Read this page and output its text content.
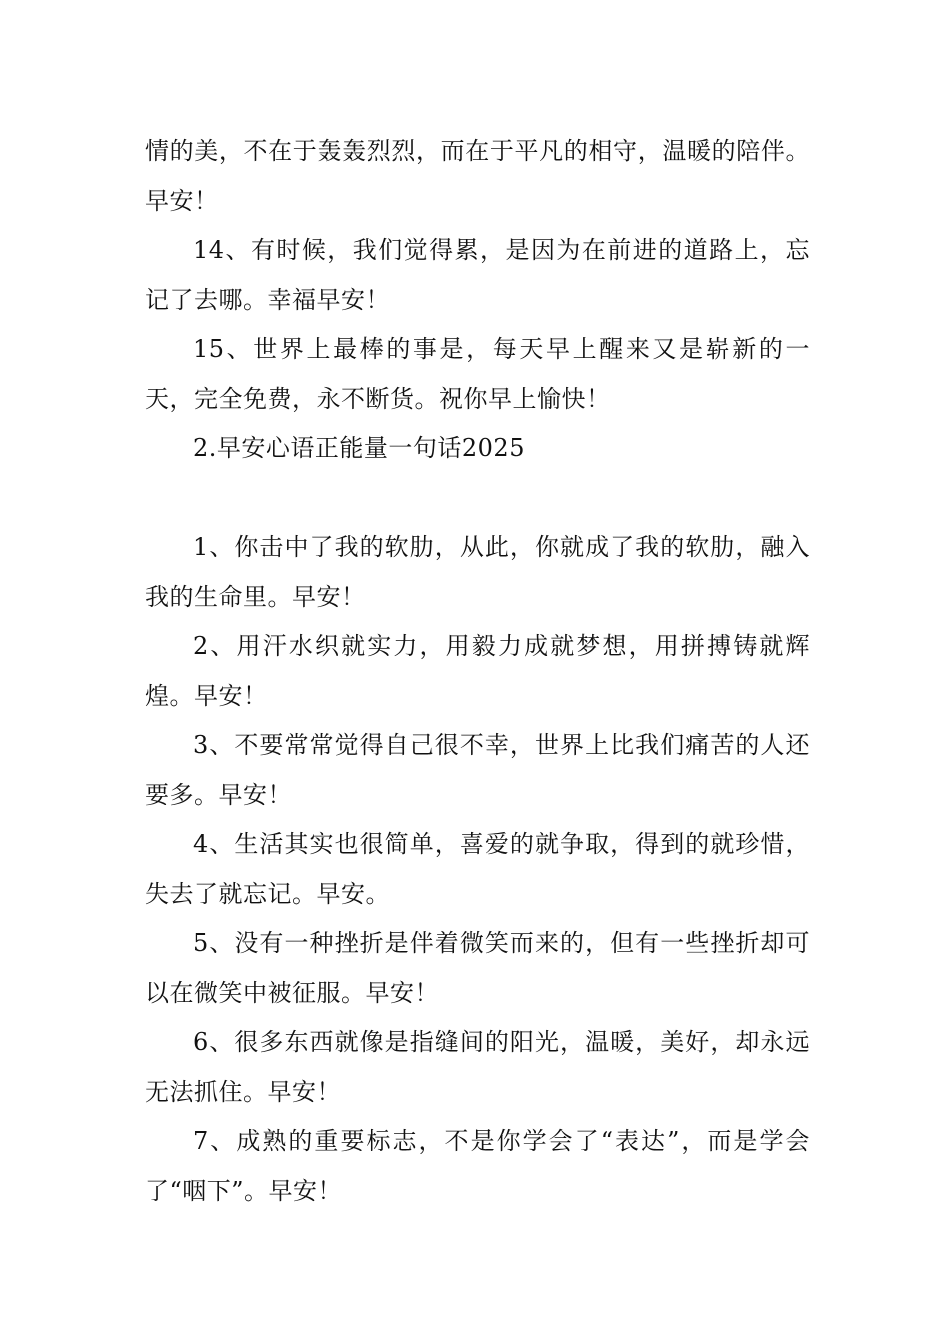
情的美，不在于轰轰烈烈，而在于平凡的相守，温暖的陪伴。早安！

14、有时候，我们觉得累，是因为在前进的道路上，忘记了去哪。幸福早安！

15、世界上最棒的事是，每天早上醒来又是崭新的一天，完全免费，永不断货。祝你早上愉快！

2.早安心语正能量一句话2025

1、你击中了我的软肋，从此，你就成了我的软肋，融入我的生命里。早安！

2、用汗水织就实力，用毅力成就梦想，用拼搏铸就辉煌。早安！

3、不要常常觉得自己很不幸，世界上比我们痛苦的人还要多。早安！

4、生活其实也很简单，喜爱的就争取，得到的就珍惜，失去了就忘记。早安。

5、没有一种挫折是伴着微笑而来的，但有一些挫折却可以在微笑中被征服。早安！

6、很多东西就像是指缝间的阳光，温暖，美好，却永远无法抓住。早安！

7、成熟的重要标志，不是你学会了“表达”，而是学会了“咽下”。早安！
